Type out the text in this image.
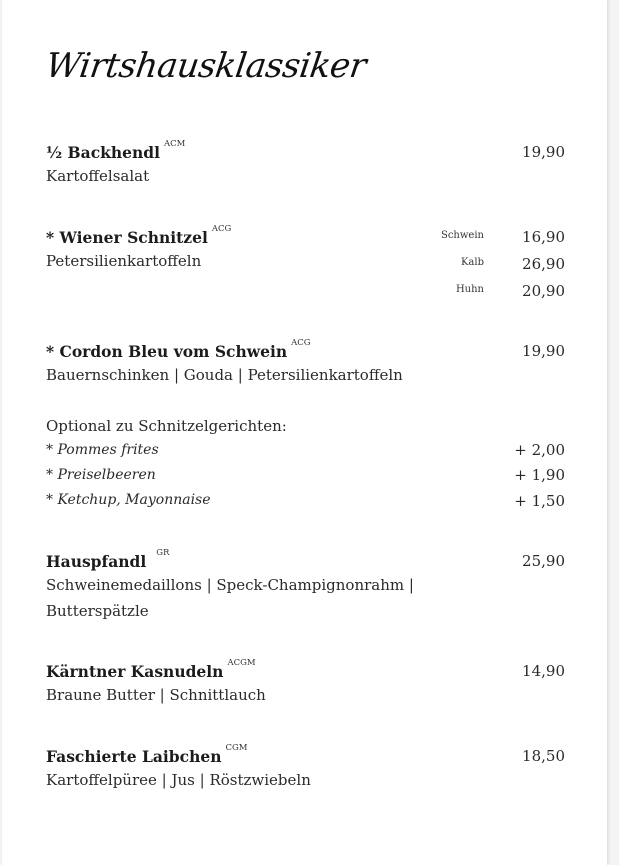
Wirtshausklassiker
½ Backhendl $^{ACM}$
Kartoffelsalat
19,90
* Wiener Schnitzel $^{ACG}$
Petersilienkartoffeln
Schwein	16,90
Kalb	26,90
Huhn	20,90
* Cordon Bleu vom Schwein $^{ACG}$
Bauernschinken | Gouda | Petersilienkartoffeln
19,90
Optional zu Schnitzelgerichten:
* Pommes frites	+ 2,00
* Preiselbeeren	+ 1,90
* Ketchup, Mayonnaise	+ 1,50
Hauspfandl $^{GR}$
Schweinemedaillons | Speck-Champignonrahm |
Butterspätzle
25,90
Kärntner Kasnudeln $^{ACGM}$
Braune Butter | Schnittlauch
14,90
Faschierte Laibchen $^{CGM}$
Kartoffelpüree | Jus | Röstzwiebeln
18,50
